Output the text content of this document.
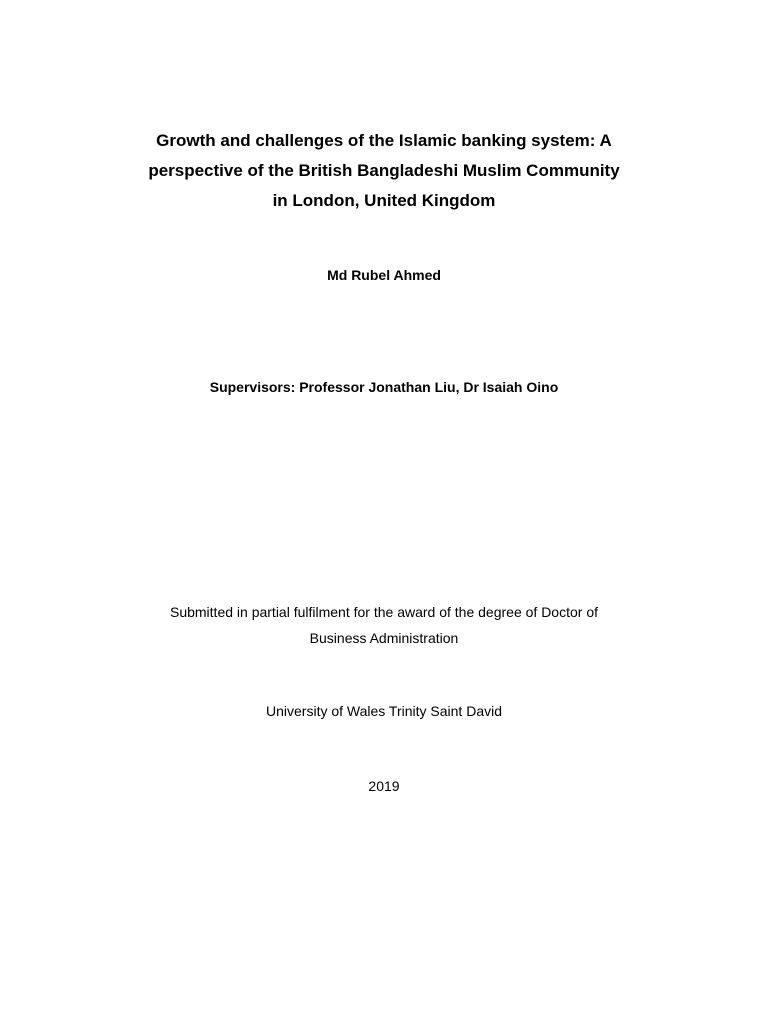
Growth and challenges of the Islamic banking system: A
perspective of the British Bangladeshi Muslim Community
in London, United Kingdom

Md Rubel Ahmed

Supervisors: Professor Jonathan Liu, Dr Isaiah Oino

Submitted in partial fulfilment for the award of the degree of Doctor of
Business Administration

University of Wales Trinity Saint David

2019
